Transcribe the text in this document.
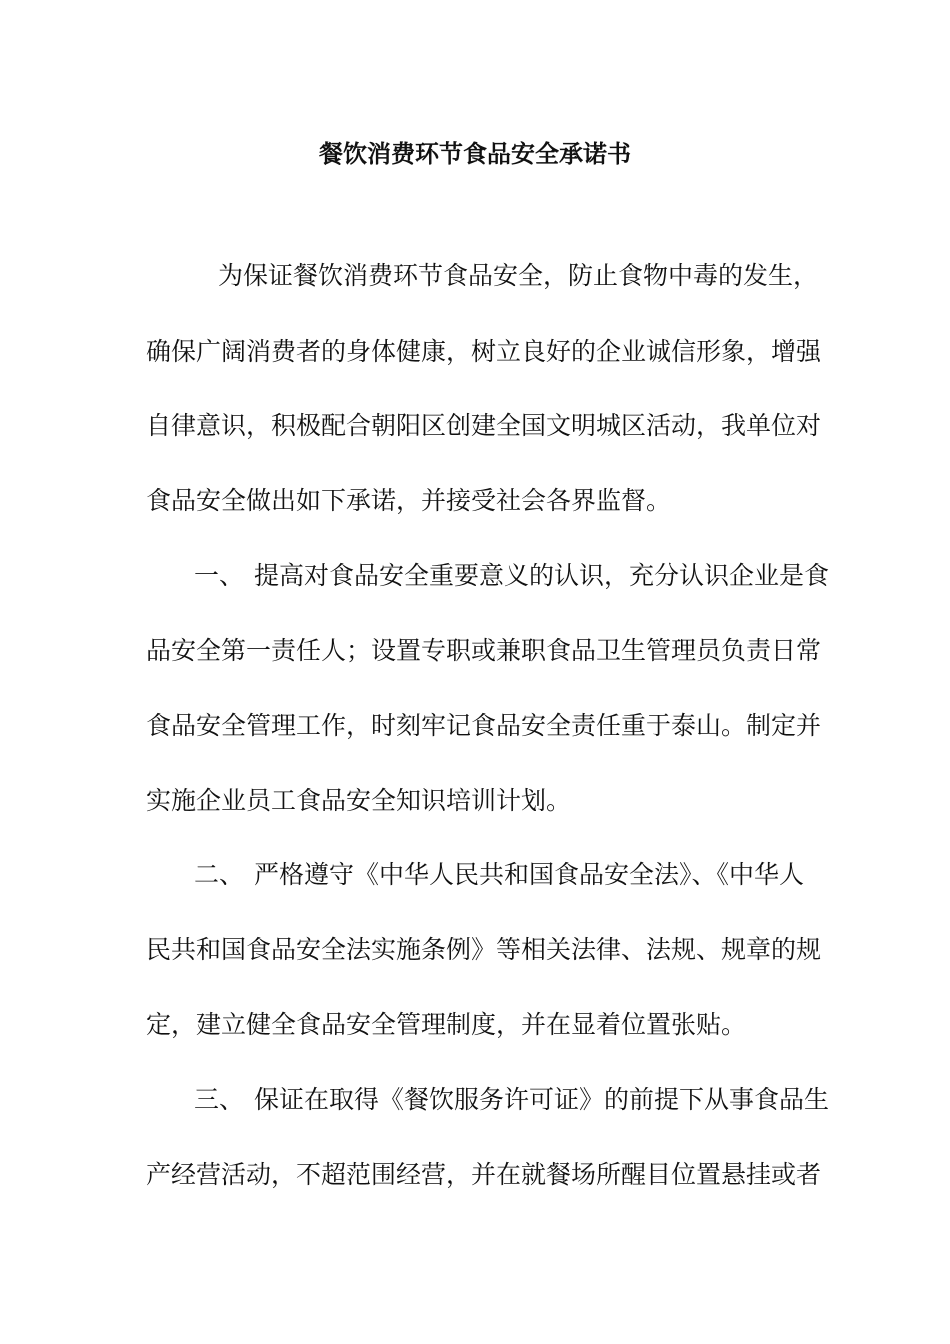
餐饮消费环节食品安全承诺书
为保证餐饮消费环节食品安全，防止食物中毒的发生，
确保广阔消费者的身体健康，树立良好的企业诚信形象，增强
自律意识，积极配合朝阳区创建全国文明城区活动，我单位对
食品安全做出如下承诺，并接受社会各界监督。
一、 提高对食品安全重要意义的认识，充分认识企业是食
品安全第一责任人；设置专职或兼职食品卫生管理员负责日常
食品安全管理工作，时刻牢记食品安全责任重于泰山。制定并
实施企业员工食品安全知识培训计划。
二、 严格遵守《中华人民共和国食品安全法》、《中华人
民共和国食品安全法实施条例》等相关法律、法规、规章的规
定，建立健全食品安全管理制度，并在显着位置张贴。
三、 保证在取得《餐饮服务许可证》的前提下从事食品生
产经营活动，不超范围经营，并在就餐场所醒目位置悬挂或者
